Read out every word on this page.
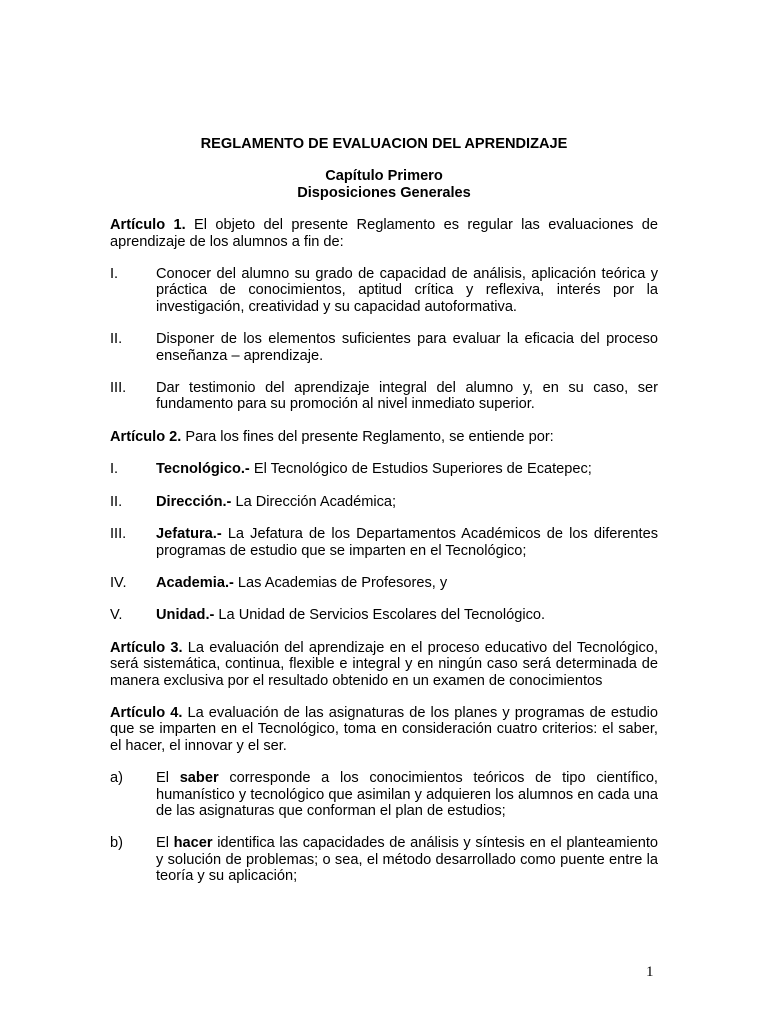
REGLAMENTO DE EVALUACION DEL APRENDIZAJE
Capítulo Primero
Disposiciones Generales

Artículo 1. El objeto del presente Reglamento es regular las evaluaciones de aprendizaje de los alumnos a fin de:

I.	Conocer del alumno su grado de capacidad de análisis, aplicación teórica y práctica de conocimientos, aptitud crítica y reflexiva, interés por la investigación, creatividad y su capacidad autoformativa.
II.	Disponer de los elementos suficientes para evaluar la eficacia del proceso enseñanza – aprendizaje.
III.	Dar testimonio del aprendizaje integral del alumno y, en su caso, ser fundamento para su promoción al nivel inmediato superior.

Artículo 2. Para los fines del presente Reglamento, se entiende por:

I.	Tecnológico.- El Tecnológico de Estudios Superiores de Ecatepec;
II.	Dirección.- La Dirección Académica;
III.	Jefatura.- La Jefatura de los Departamentos Académicos de los diferentes programas de estudio que se imparten en el Tecnológico;
IV.	Academia.- Las Academias de Profesores, y
V.	Unidad.- La Unidad de Servicios Escolares del Tecnológico.

Artículo 3. La evaluación del aprendizaje en el proceso educativo del Tecnológico, será sistemática, continua, flexible e integral y en ningún caso será determinada de manera exclusiva por el resultado obtenido en un examen de conocimientos

Artículo 4. La evaluación de las asignaturas de los planes y programas de estudio que se imparten en el Tecnológico, toma en consideración cuatro criterios: el saber, el hacer, el innovar y el ser.

a)	El saber corresponde a los conocimientos teóricos de tipo científico, humanístico y tecnológico que asimilan y adquieren los alumnos en cada una de las asignaturas que conforman el plan de estudios;
b)	El hacer identifica las capacidades de análisis y síntesis en el planteamiento y solución de problemas; o sea, el método desarrollado como puente entre la teoría y su aplicación;
1
